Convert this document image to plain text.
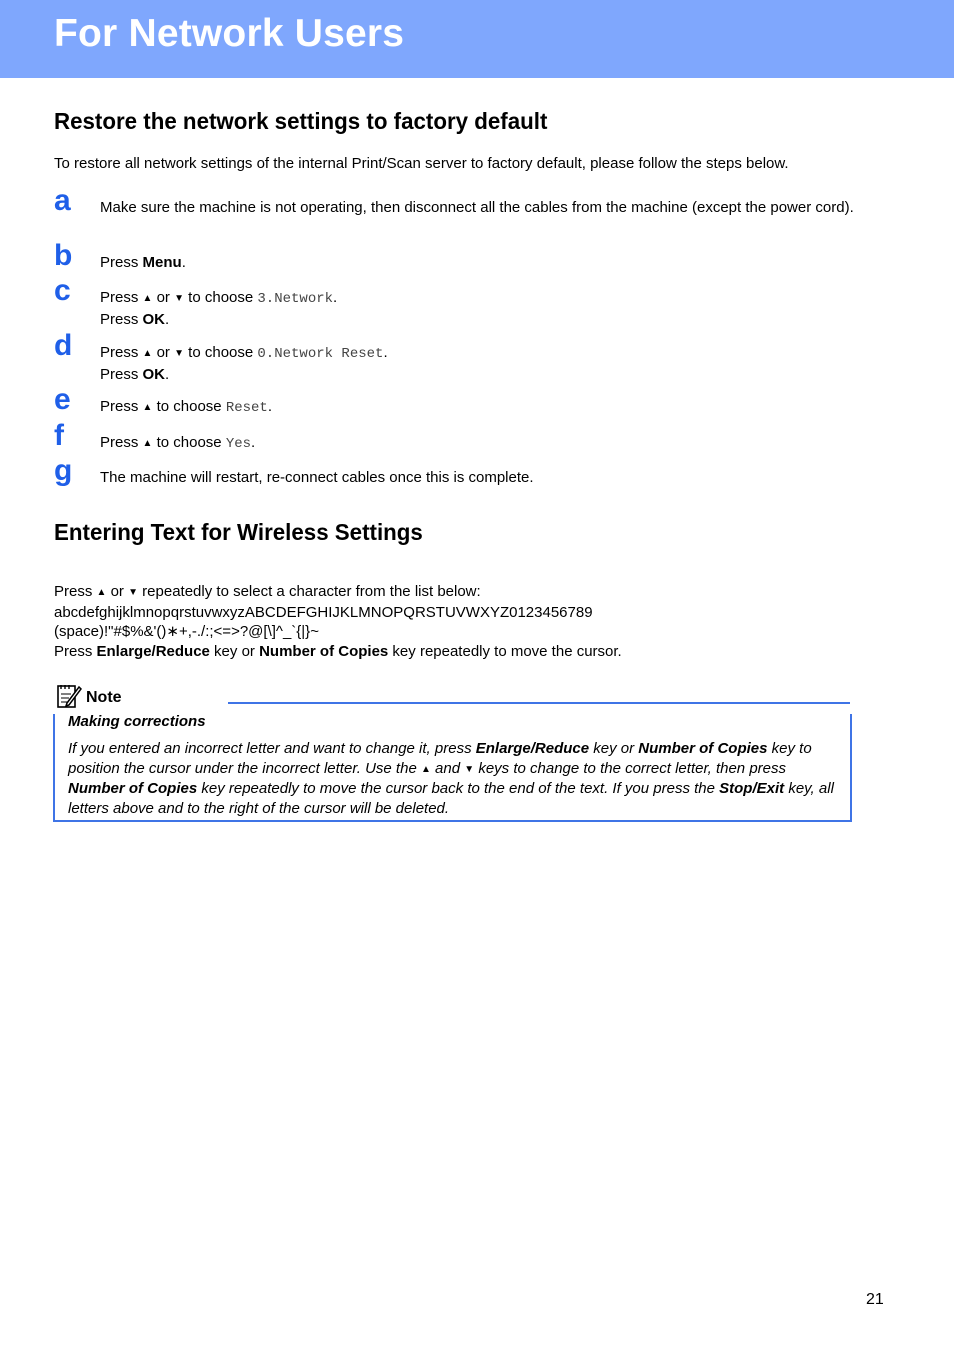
For Network Users
Restore the network settings to factory default

To restore all network settings of the internal Print/Scan server to factory default, please follow the steps below.

a	Make sure the machine is not operating, then disconnect all the cables from the machine (except the power cord).
b	Press Menu.
c	Press ▲ or ▼ to choose 3.Network.
Press OK.
d	Press ▲ or ▼ to choose 0.Network Reset.
Press OK.
e	Press ▲ to choose Reset.
f	Press ▲ to choose Yes.
g	The machine will restart, re-connect cables once this is complete.
Entering Text for Wireless Settings
Press ▲ or ▼ repeatedly to select a character from the list below:
abcdefghijklmnopqrstuvwxyzABCDEFGHIJKLMNOPQRSTUVWXYZ0123456789
(space)!"#$%&'()∗+,-./:;<=>?@[\]^_`{|}~
Press Enlarge/Reduce key or Number of Copies key repeatedly to move the cursor.
Note
Making corrections
If you entered an incorrect letter and want to change it, press Enlarge/Reduce key or Number of Copies key to position the cursor under the incorrect letter. Use the ▲ and ▼ keys to change to the correct letter, then press Number of Copies key repeatedly to move the cursor back to the end of the text. If you press the Stop/Exit key, all letters above and to the right of the cursor will be deleted.
21
